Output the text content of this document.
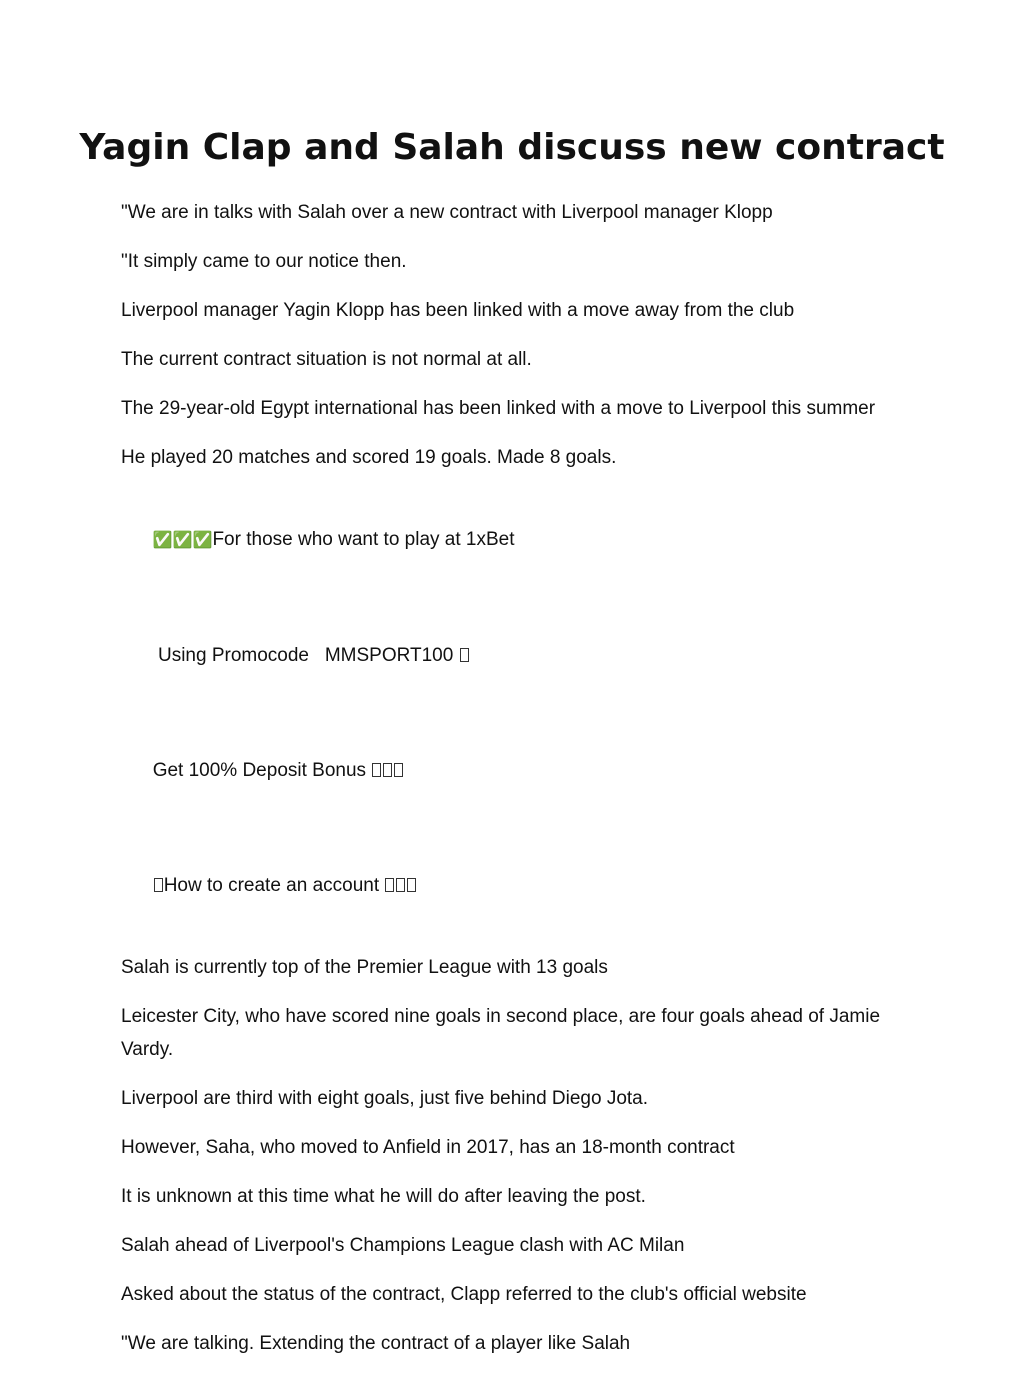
Yagin Clap and Salah discuss new contract

"We are in talks with Salah over a new contract with Liverpool manager Klopp

"It simply came to our notice then.

Liverpool manager Yagin Klopp has been linked with a move away from the club

The current contract situation is not normal at all.

The 29-year-old Egypt international has been linked with a move to Liverpool this summer

He played 20 matches and scored 19 goals. Made 8 goals.

✅✅✅For those who want to play at 1xBet

Using Promocode   MMSPORT100

Get 100% Deposit Bonus

How to create an account

Salah is currently top of the Premier League with 13 goals

Leicester City, who have scored nine goals in second place, are four goals ahead of Jamie Vardy.

Liverpool are third with eight goals, just five behind Diego Jota.

However, Saha, who moved to Anfield in 2017, has an 18-month contract

It is unknown at this time what he will do after leaving the post.

Salah ahead of Liverpool's Champions League clash with AC Milan

Asked about the status of the contract, Clapp referred to the club's official website

"We are talking. Extending the contract of a player like Salah
